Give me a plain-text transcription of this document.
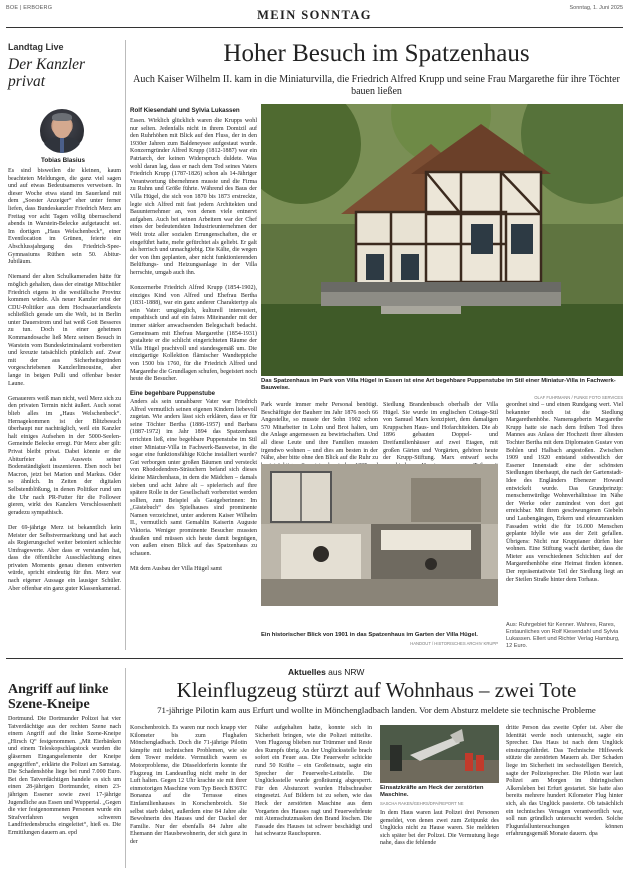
BOE | ERBOERG	Sonntag, 1. Juni 2025
MEIN SONNTAG
Landtag Live
Der Kanzler privat
Tobias Blasius

Es sind bisweilen die kleinen, kaum beachteten Meldungen, die ganz viel sagen und auf etwas Bedeutsameres verweisen. In dieser Woche etwa stand im Sauerland mit dem „Soester Anzeiger“ eher unter ferner liefen, dass Bundeskanzler Friedrich Merz am Freitag vor acht Tagen völlig überraschend abends in Warstein-Belecke aufgetaucht sei. Im dortigen „Haus Welschenbeck“, einer Eventlocation im Grünen, feierte ein Abschlussjahrgang des Friedrich-Spee-Gymnasiums Rüthen sein 50. Abitur-Jubiläum.

Niemand der alten Schulkameraden hätte für möglich gehalten, dass der einstige Mitschüler Friedrich eigens in die westfälische Provinz kommen würde. Als neuer Kanzler reist der CDU-Politiker aus dem Hochsauerlandkreis schließlich gerade um die Welt, ist in Berlin unter Dauerstrom und hat weiß Gott Besseres zu tun. Doch in einer geheimen Kommandosache ließ Merz seinen Besuch in Warstein vom Bundeskriminalamt vorbereiten und kreuzte tatsächlich pünktlich auf. Zwar mit der aus Sicherheitsgründen vorgeschriebenen Kanzlerlimousine, aber lange in beigen Pulli und offenbar bester Laune.

Genauerers weiß man nicht, weil Merz sich zu den privaten Termin nicht äußert. Auch sonst blieb alles im „Haus Welschenbeck“. Hernagekommen ist der Blitzbesuch überhaupt nur nachträglich, weil ein Kanzler halt einiges Aufsehen in der 5000-Seelen-Gemeinde Belecke erregt. Für Merz aber gilt: Privat bleibt privat. Dabei könnte er die Abiturfeier als Ausweis seiner Bodenständigkeit inszenieren. Eben noch bei Macron, jetzt bei Marion und Markus. Oder so ähnlich. In Zeiten der digitalen Selbstentblößung, in denen Politiker rund um die Uhr nach PR-Futter für die Follower gieren, wirkt des Kanzlers Verschlossenheit geradezu sympathisch.

Der 69-jährige Merz ist bekanntlich kein Meister der Selbstvermarktung und hat auch als Regierungschef weiter betoniert schlechte Umfragewerte. Aber dass er verstanden hat, dass die öffentliche Ausschlachtung eines privaten Moments genau dienen entwerten würde, spricht eindeutig für ihn. Merz war nach eigener Aussage ein lausiger Schüler. Aber offenbar ein ganz guter Klassenkamerad.

Hoher Besuch im Spatzenhaus
Auch Kaiser Wilhelm II. kam in die Miniaturvilla, die Friedrich Alfred Krupp und seine Frau Margarethe für ihre Töchter bauen ließen
Rolf Kiesendahl und Sylvia Lukassen

Essen. Wirklich glücklich waren die Krupps wohl nur selten. Jedenfalls nicht in ihrem Domizil auf den Ruhrhöhen mit Blick auf den Fluss, der in den 1930er Jahren zum Baldeneysee aufgestaut wurde. Konzerngründer Alfred Krupp (1812-1887) war ein Patriarch, der keinen Widerspruch duldete. Was wohl daran lag, dass er nach dem Tod seines Vaters Friedrich Krupp (1787-1826) schon als 14-Jähriger Verantwortung übernehmen musste und die Firma zu Ruhm und Größe führte. Während des Baus der Villa Hügel, die sich von 1870 bis 1873 erstreckte, legte sich Alfred mit fast jedem Architekten und Bauunternehmer an, von denen viele entnervt aufgaben. Auch bei seinen Arbeitern war der Chef eines der bedeutendsten Industrieunternehmen der Welt trotz aller sozialen Errungenschaften, die er eingeführt hatte, mehr gefürchtet als geliebt. Er galt als herrisch und unnachgiebig. Die Kälte, die wegen der von ihm geplanten, aber nicht funktionierenden Belüftungs- und Heizungsanlage in der Villa herrschte, umgab auch ihn.

Konzernerbe Friedrich Alfred Krupp (1854-1902), einziges Kind von Alfred und Ehefrau Bertha (1831-1888), war ein ganz anderer Charaktertyp als sein Vater: umgänglich, kulturell interessiert, empathisch und auf ein faires Miteinander mit der immer stärker anwachsenden Belegschaft bedacht. Gemeinsam mit Ehefrau Margarethe (1854-1931) gestaltete er die schlicht eingerichteten Räume der Villa Hügel prachtvoll und standesgemäß um. Die einzigartige Kollektion flämischer Wandteppiche von 1500 bis 1760, für die Friedrich Alfred und Margarethe die Grundlagen schufen, begeistert noch heute die Besucher.

Eine begehbare Puppenstube

Anders als sein unnahbarer Vater war Friedrich Alfred vermutlich seinen eigenen Kindern liebevoll zugetan. Wie anders lässt sich erklären, dass er für seine Töchter Bertha (1886-1957) und Barbara (1887-1972) im Jahr 1894 das Spatzenhaus errichten ließ, eine begehbare Puppenstube im Stil einer Miniatur-Villa in Fachwerk-Bauweise, in die sogar eine funktionsfähige Küche installiert wurde? Gut verborgen unter großen Bäumen und versteckt von Rhododendren-Sträuchern befand sich dieses kleine Märchenhaus, in dem die Mädchen – damals sieben und acht Jahre alt – spielerisch auf ihre spätere Rolle in der Gesellschaft vorbereitet werden sollten, zum Beispiel als Gastgeberinnen: Im „Gästebuch“ des Spielhauses sind prominente Namen verzeichnet, unter anderem Kaiser Wilhelm II., vermutlich samt Gemahlin Kaiserin Auguste Viktoria. Weniger prominente Besucher mussten draußen und müssen sich heute damit begnügen, von außen einen Blick auf das Spatzenhaus zu schauen.

Mit dem Ausbau der Villa Hügel samt

Das Spatzenhaus im Park von Villa Hügel in Essen ist eine Art begehbare Puppenstube im Stil einer Miniatur-Villa in Fachwerk-Bauweise.
OLAF FUHRMANN / FUNKE FOTO SERVICES

Park wurde immer mehr Personal benötigt. Beschäftigte der Bauherr im Jahr 1876 noch 66 Angestellte, so musste der Sohn 1902 schon 570 Mitarbeiter in Lohn und Brot halten, um die Anlage angemessen zu bewirtschaften. Und all diese Leute und ihre Familien mussten irgendwo wohnen – und dies am besten in der Nähe, aber bitte ohne den Blick auf die Ruhr zu

Siedlung Brandenbusch oberhalb der Villa Hügel. Sie wurde im englischen Cottage-Stil von Samuel Marx konzipiert, dem damaligen Kruppschen Haus- und Hofarchitekten. Die ab 1896 gebauten Doppel- und Dreifamilienhäuser auf zwei Etagen, mit großen Gärten und Vorgärten, gehören heute der Krupp-Stiftung. Marx entwarf sechs

geordnet sind – und einen Rundgang wert. Viel bekannter noch ist die Siedlung Margarethenhöhe. Namensgeberin Margarethe Krupp hatte sie nach dem frühen Tod ihres Mannes aus Anlass der Hochzeit ihrer ältesten Tochter Bertha mit dem Diplomaten Gustav von Bohlen und Halbach angestoßen. Zwischen 1909 und 1920 entstand südwestlich der Essener Innenstadt eine der schönsten Siedlungen überhaupt, die nach der Gartenstadt-Idee des Engländers Ebenezer Howard entwickelt wurde. Das Grundprinzip: menschenwürdige Wohnverhältnisse im Nähe der Werke oder zumindest von dort gut erreichbar. Mit ihren geschwungenen Giebeln und Laubengängen, Erkern und efeuumrankten Fassaden wirkt die für 16.000 Menschen geplante Idylle wie aus der Zeit gefallen. Übrigens: Nicht nur Kruppianer dürfen hier wohnen. Eine Stiftung wacht darüber, dass die Mieter aus verschiedenen Schichten auf der Margarethenhöhe eine Heimat finden können. Der repräsentativste Teil der Siedlung liegt an der Steilen Straße hinter dem Torhaus.

Aus: Ruhrgebiet für Kenner. Wahres, Rares, Erstaunliches von Rolf Kiesendahl und Sylvia Lukassen. Ellert und Richter Verlag Hamburg, 12 Euro.
Ein historischer Blick von 1901 in das Spatzenhaus im Garten der Villa Hügel.
HANDOUT / HISTORISCHES ARCHIV KRUPP
Aktuelles aus NRW
Angriff auf linke Szene-Kneipe

Dortmund. Die Dortmunder Polizei hat vier Tatverdächtige aus der rechten Szene nach einem Angriff auf die linke Szene-Kneipe „Hirsch Q“ festgenommen. „Mit Eierbänken und einem Teleskopschlagstock wurden die gläsernen Eingangselemente der Kneipe angegriffen“, erklärte die Polizei am Samstag. Die Schadenshöhe liege bei rund 7.000 Euro. Bei den Tatverdächtigen handele es sich um einen 28-jährigen Dortmunder, einen 23-jährigen Essener sowie zwei 17-jährige Jugendliche aus Essen und Wuppertal. „Gegen die vier festgenommenen Personen wurde ein Strafverfahren wegen schweren Landfriedensbruchs eingeleitet“, hieß es. Die Ermittlungen dauern an. epd

Kleinflugzeug stürzt auf Wohnhaus – zwei Tote
71-jährige Pilotin kam aus Erfurt und wollte in Mönchengladbach landen. Vor dem Absturz meldete sie technische Probleme

Korschenbroich. Es waren nur noch knapp vier Kilometer bis zum Flughafen Mönchengladbach. Doch die 71-jährige Pilotin kämpfte mit technischen Problemen, wie sie dem Tower meldete. Vermutlich waren es Motorprobleme, die Düsseldorferin konnte ihr Flugzeug im Landeanflug nicht mehr in der Luft halten. Gegen 12 Uhr krachte sie mit ihrer einmotorigen Maschine vom Typ Beech B36TC Bonanza auf die Terrasse eines Einfamilienhauses in Korschenbroich. Sie selbst starb dabei, außerdem eine 84 Jahre alte Bewohnerin des Hauses und der Dackel der Familie. Nur der ebenfalls 84 Jahre alte Ehemann der Hausbewohnerin, der sich ganz in der

Nähe aufgehalten hatte, konnte sich in Sicherheit bringen, wie die Polizei mitteilte. Vom Flugzeug blieben nur Trümmer und Reste des Rumpfs übrig. An der Unglücksstelle brach sofort ein Feuer aus. Die Feuerwehr schickte rund 50 Kräfte – ein Großeinsatz, sagte ein Sprecher der Feuerwehr-Leitstelle. Die Unglücksstelle wurde großräumig abgesperrt. Für den Absturzort wurden Hubschrauber eingesetzt. Auf Bildern ist zu sehen, wie das Heck der zerstörten Maschine aus dem Vorgarten des Hauses ragt und Feuerwehrleute mit Atemschutzmasken den Brand löschen. Die Fassade des Hauses ist schwer beschädigt und hat schwarze Rauchspuren.

Einsatzkräfte am Heck der zerstörten Maschine.
SASCHA RAKEN/GEHRS/DPA/REPORT NE

In dem Haus waren laut Polizei drei Personen gemeldet, von denen zwei zum Zeitpunkt des Unglücks nicht zu Hause waren. Sie meldeten sich später bei der Polizei. Die Vermutung liege nahe, dass die fehlende

dritte Person das zweite Opfer ist. Aber die Identität werde noch untersucht, sagte ein Sprecher. Das Haus ist nach dem Unglück einsturzgefährdet. Das Technische Hilfswerk stützte die zerstörten Mauern ab. Der Schaden liege im Sicherheit im sechsstelligen Bereich, sagte der Polizeisprecher. Die Pilotin war laut Polizei am Morgen im thüringischen Alkersleben bei Erfurt gestartet. Sie hatte also bereits mehrere hundert Kilometer Flug hinter sich, als das Unglück passierte. Ob tatsächlich ein technisches Versagen verantwortlich war, soll nun gründlich untersucht werden. Solche Flugunfalluntersuchungen können erfahrungsgemäß Monate dauern. dpa
